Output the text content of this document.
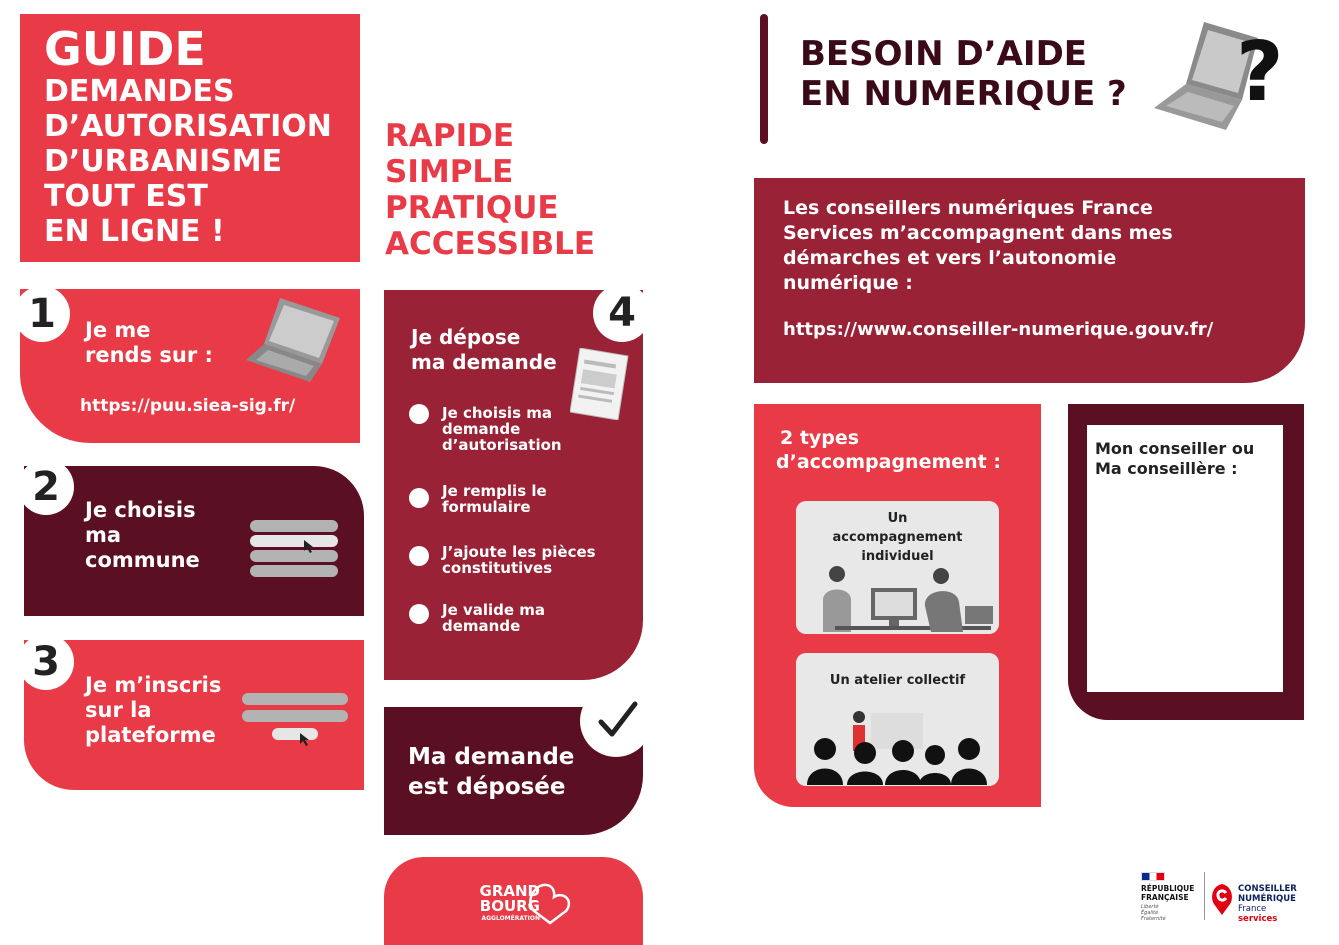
GUIDE
DEMANDES
D’AUTORISATION
D’URBANISME
TOUT EST
EN LIGNE !
RAPIDE
SIMPLE
PRATIQUE
ACCESSIBLE
1	Je me
rends sur :
https://puu.siea-sig.fr/
2	Je choisis
ma
commune
3	Je m’inscris
sur la
plateforme
4
Je dépose
ma demande
Je choisis ma
demande
d’autorisation
Je remplis le
formulaire
J’ajoute les pièces
constitutives
Je valide ma
demande
Ma demande
est déposée
GRAND
BOURG
AGGLOMÉRATION
BESOIN D’AIDE
EN NUMERIQUE ? ?
Les conseillers numériques France
Services m’accompagnent dans mes
démarches et vers l’autonomie
numérique :
https://www.conseiller-numerique.gouv.fr/
2 types
d’accompagnement :
Un
accompagnement
individuel
Un atelier collectif
Mon conseiller ou
Ma conseillère :
RÉPUBLIQUE
FRANÇAISE
Liberté
Égalité
Fraternité
CONSEILLER
NUMÉRIQUE
France
services
